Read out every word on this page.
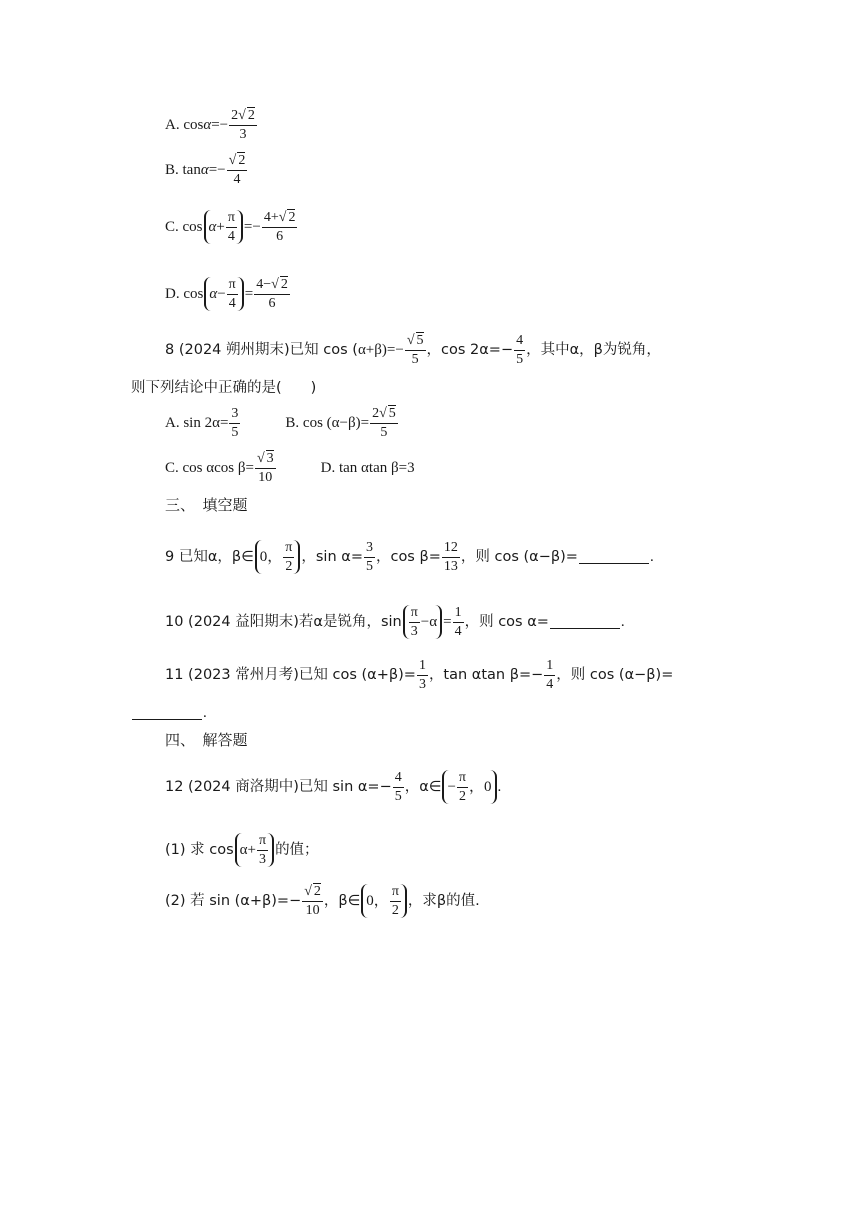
A. $\cos \alpha =- \frac{2√ 2}{3}$
B. $\tan \alpha =- \frac{√ 2}{4}$
C. $\cos \alpha + \frac{\pi}{4} =- \frac{4+√ 2}{6}$
D. $\cos \alpha - \frac{\pi}{4} = \frac{4-√ 2}{6}$
8 (2024 朔州期末)已知 cos ( $\alpha+\beta)=- \frac{√ 5}{5}$ ，$\cos 2\alpha=- \frac{4}{5}$ ，其中α，β为锐角，
则下列结论中正确的是(　　)
A. $\sin 2\alpha= \frac{3}{5}$	B. $\cos (\alpha-\beta)= \frac{2√ 5}{5}$
C. cos αcos $\beta= \frac{√ 3}{10}$	D. tan αtan β=3
三、　填空题
9 已知α，β∈ 0， $\frac{\pi}{2}$ ，$\sin \alpha= \frac{3}{5}$ ，$\cos \beta= \frac{12}{13}$ ，则 cos (α−β)=	.
10 (2024 益阳期末)若α是锐角，$\sin \frac{\pi}{3} -\alpha = \frac{1}{4}$ ，则 cos α=	.
11 (2023 常州月考)已知 $\cos (\alpha+\beta)= \frac{1}{3}$ ，tan αtan $\beta=- \frac{1}{4}$ ，则 cos (α−β)=
.
四、　解答题
12 (2024 商洛期中)已知 $\sin \alpha=- \frac{4}{5}$ ，α∈ − $\frac{\pi}{2}$ ，0 .
(1) 求 $\cos \alpha+ \frac{\pi}{3}$ 的值；
(2) 若 $\sin (\alpha+\beta)=- \frac{√ 2}{10}$ ，β∈ 0， $\frac{\pi}{2}$ ，求β的值.
